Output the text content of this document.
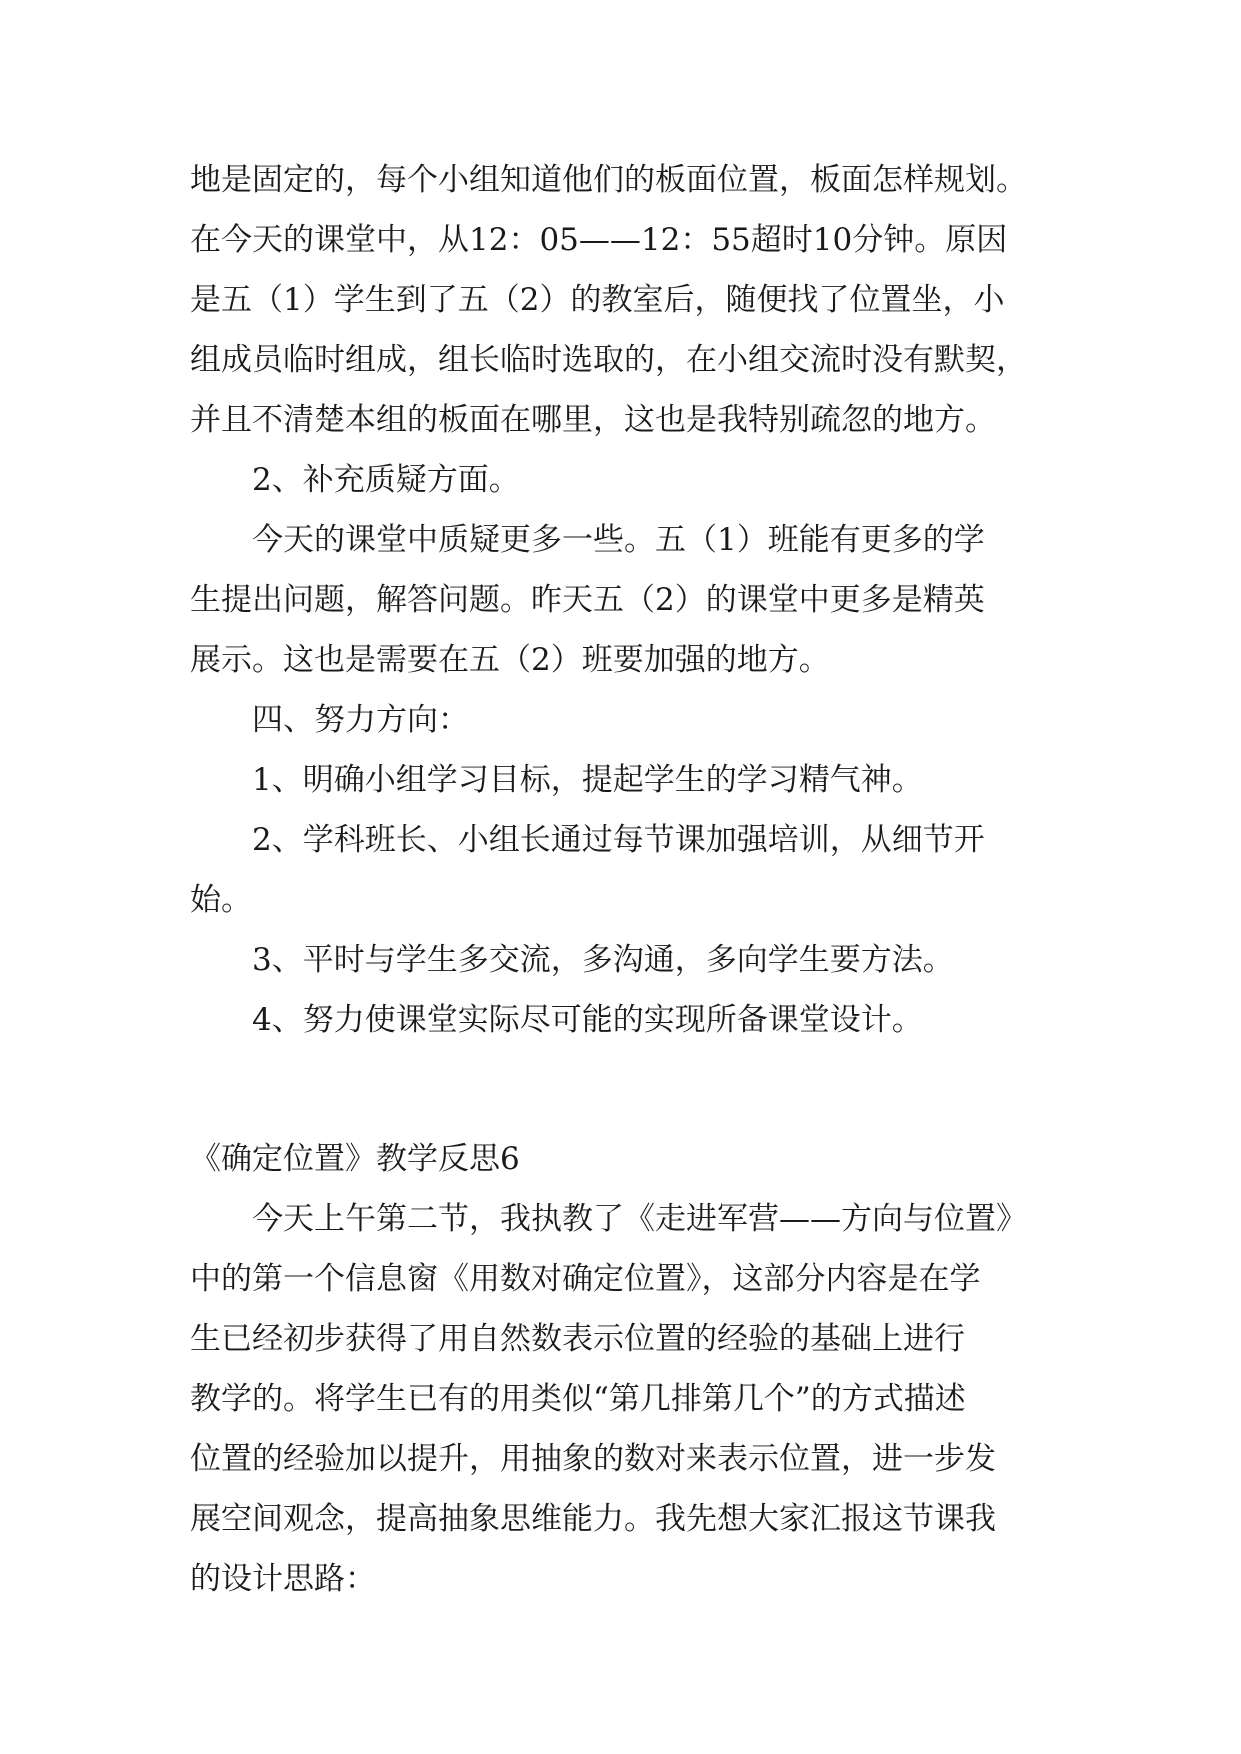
地是固定的，每个小组知道他们的板面位置，板面怎样规划。
在今天的课堂中，从12：05——12：55超时10分钟。原因
是五（1）学生到了五（2）的教室后，随便找了位置坐，小
组成员临时组成，组长临时选取的，在小组交流时没有默契，
并且不清楚本组的板面在哪里，这也是我特别疏忽的地方。
2、补充质疑方面。
今天的课堂中质疑更多一些。五（1）班能有更多的学
生提出问题，解答问题。昨天五（2）的课堂中更多是精英
展示。这也是需要在五（2）班要加强的地方。
四、努力方向：
1、明确小组学习目标，提起学生的学习精气神。
2、学科班长、小组长通过每节课加强培训，从细节开
始。
3、平时与学生多交流，多沟通，多向学生要方法。
4、努力使课堂实际尽可能的实现所备课堂设计。
《确定位置》教学反思6
今天上午第二节，我执教了《走进军营——方向与位置》
中的第一个信息窗《用数对确定位置》，这部分内容是在学
生已经初步获得了用自然数表示位置的经验的基础上进行
教学的。将学生已有的用类似“第几排第几个”的方式描述
位置的经验加以提升，用抽象的数对来表示位置，进一步发
展空间观念，提高抽象思维能力。我先想大家汇报这节课我
的设计思路：
